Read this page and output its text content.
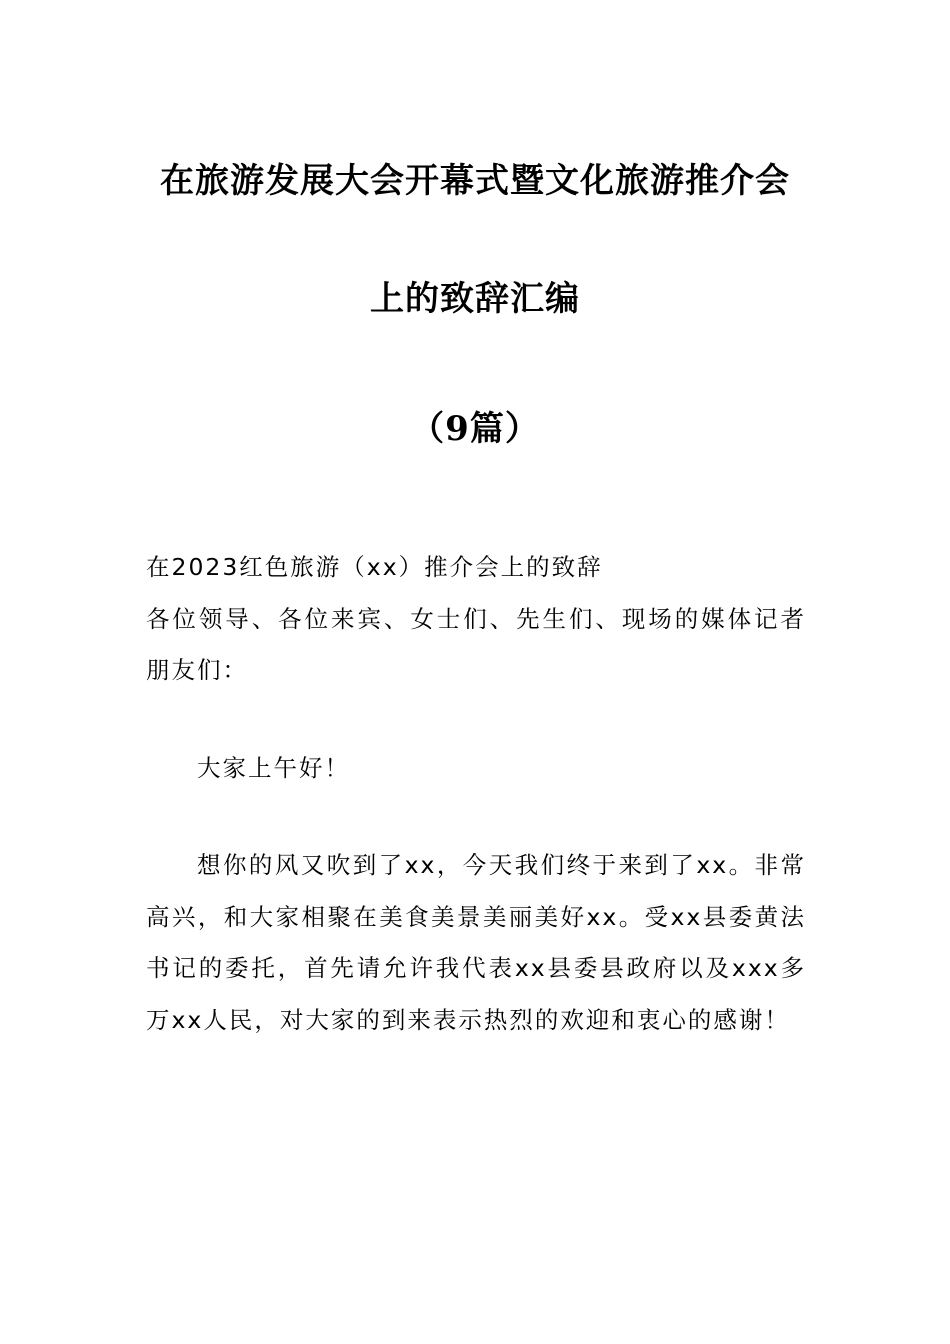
在旅游发展大会开幕式暨文化旅游推介会
上的致辞汇编
（9篇）
在2023红色旅游（xx）推介会上的致辞
各位领导、各位来宾、女士们、先生们、现场的媒体记者
朋友们：
大家上午好！
想你的风又吹到了xx，今天我们终于来到了xx。非常
高兴，和大家相聚在美食美景美丽美好xx。受xx县委黄法
书记的委托，首先请允许我代表xx县委县政府以及xxx多
万xx人民，对大家的到来表示热烈的欢迎和衷心的感谢！
